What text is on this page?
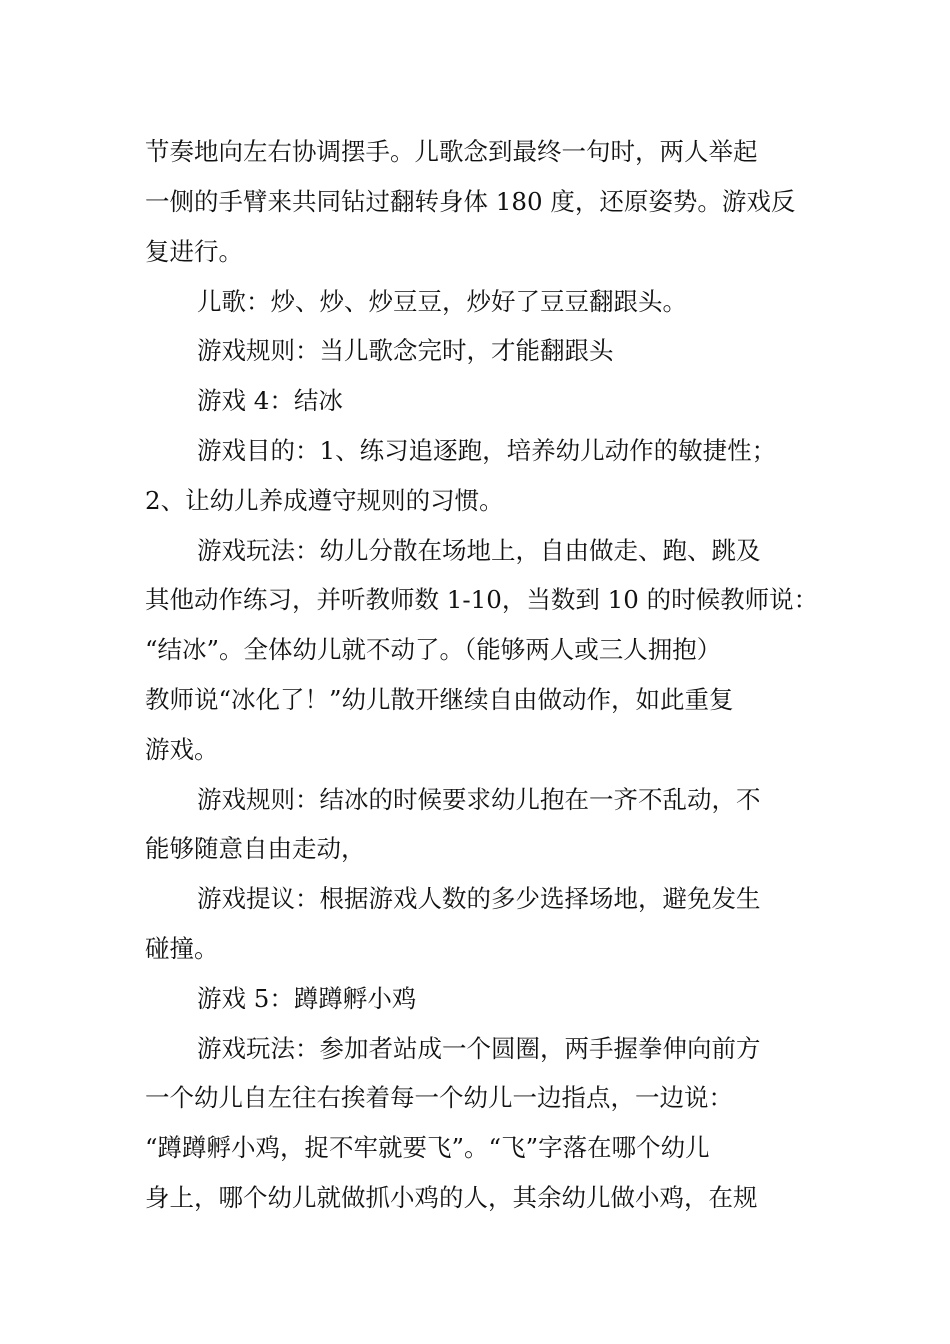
节奏地向左右协调摆手。儿歌念到最终一句时，两人举起
一侧的手臂来共同钻过翻转身体 180 度，还原姿势。游戏反
复进行。
儿歌：炒、炒、炒豆豆，炒好了豆豆翻跟头。
游戏规则：当儿歌念完时，才能翻跟头
游戏 4：结冰
游戏目的：1、练习追逐跑，培养幼儿动作的敏捷性；
2、让幼儿养成遵守规则的习惯。
游戏玩法：幼儿分散在场地上，自由做走、跑、跳及
其他动作练习，并听教师数 1-10，当数到 10 的时候教师说：
“结冰”。全体幼儿就不动了。（能够两人或三人拥抱）
教师说“冰化了！”幼儿散开继续自由做动作，如此重复
游戏。
游戏规则：结冰的时候要求幼儿抱在一齐不乱动，不
能够随意自由走动，
游戏提议：根据游戏人数的多少选择场地，避免发生
碰撞。
游戏 5：蹲蹲孵小鸡
游戏玩法：参加者站成一个圆圈，两手握拳伸向前方
一个幼儿自左往右挨着每一个幼儿一边指点，一边说：
“蹲蹲孵小鸡，捉不牢就要飞”。“飞”字落在哪个幼儿
身上，哪个幼儿就做抓小鸡的人，其余幼儿做小鸡，在规
